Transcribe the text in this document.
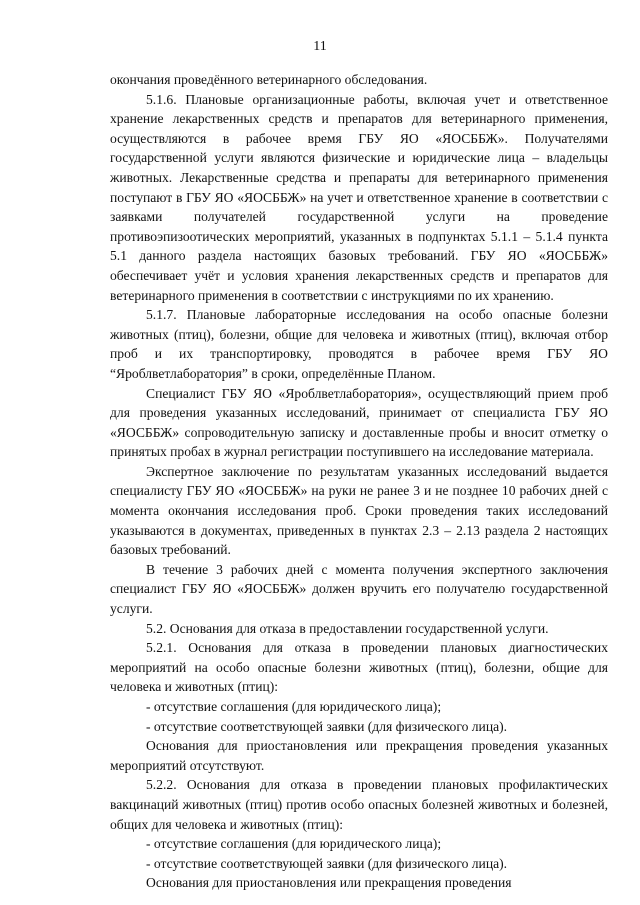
11

окончания проведённого ветеринарного обследования.

5.1.6. Плановые организационные работы, включая учет и ответственное хранение лекарственных средств и препаратов для ветеринарного применения, осуществляются в рабочее время ГБУ ЯО «ЯОСББЖ». Получателями государственной услуги являются физические и юридические лица – владельцы животных. Лекарственные средства и препараты для ветеринарного применения поступают в ГБУ ЯО «ЯОСББЖ» на учет и ответственное хранение в соответствии с заявками получателей государственной услуги на проведение противоэпизоотических мероприятий, указанных в подпунктах 5.1.1 – 5.1.4 пункта 5.1 данного раздела настоящих базовых требований. ГБУ ЯО «ЯОСББЖ» обеспечивает учёт и условия хранения лекарственных средств и препаратов для ветеринарного применения в соответствии с инструкциями по их хранению.

5.1.7. Плановые лабораторные исследования на особо опасные болезни животных (птиц), болезни, общие для человека и животных (птиц), включая отбор проб и их транспортировку, проводятся в рабочее время ГБУ ЯО “Яроблветлаборатория” в сроки, определённые Планом.

Специалист ГБУ ЯО «Яроблветлаборатория», осуществляющий прием проб для проведения указанных исследований, принимает от специалиста ГБУ ЯО «ЯОСББЖ» сопроводительную записку и доставленные пробы и вносит отметку о принятых пробах в журнал регистрации поступившего на исследование материала.

Экспертное заключение по результатам указанных исследований выдается специалисту ГБУ ЯО «ЯОСББЖ» на руки не ранее 3 и не позднее 10 рабочих дней с момента окончания исследования проб. Сроки проведения таких исследований указываются в документах, приведенных в пунктах 2.3 – 2.13 раздела 2 настоящих базовых требований.

В течение 3 рабочих дней с момента получения экспертного заключения специалист ГБУ ЯО «ЯОСББЖ» должен вручить его получателю государственной услуги.

5.2. Основания для отказа в предоставлении государственной услуги.

5.2.1. Основания для отказа в проведении плановых диагностических мероприятий на особо опасные болезни животных (птиц), болезни, общие для человека и животных (птиц):

- отсутствие соглашения (для юридического лица);

- отсутствие соответствующей заявки (для физического лица).

Основания для приостановления или прекращения проведения указанных мероприятий отсутствуют.

5.2.2. Основания для отказа в проведении плановых профилактических вакцинаций животных (птиц) против особо опасных болезней животных и болезней, общих для человека и животных (птиц):

- отсутствие соглашения (для юридического лица);

- отсутствие соответствующей заявки (для физического лица).

Основания для приостановления или прекращения проведения
